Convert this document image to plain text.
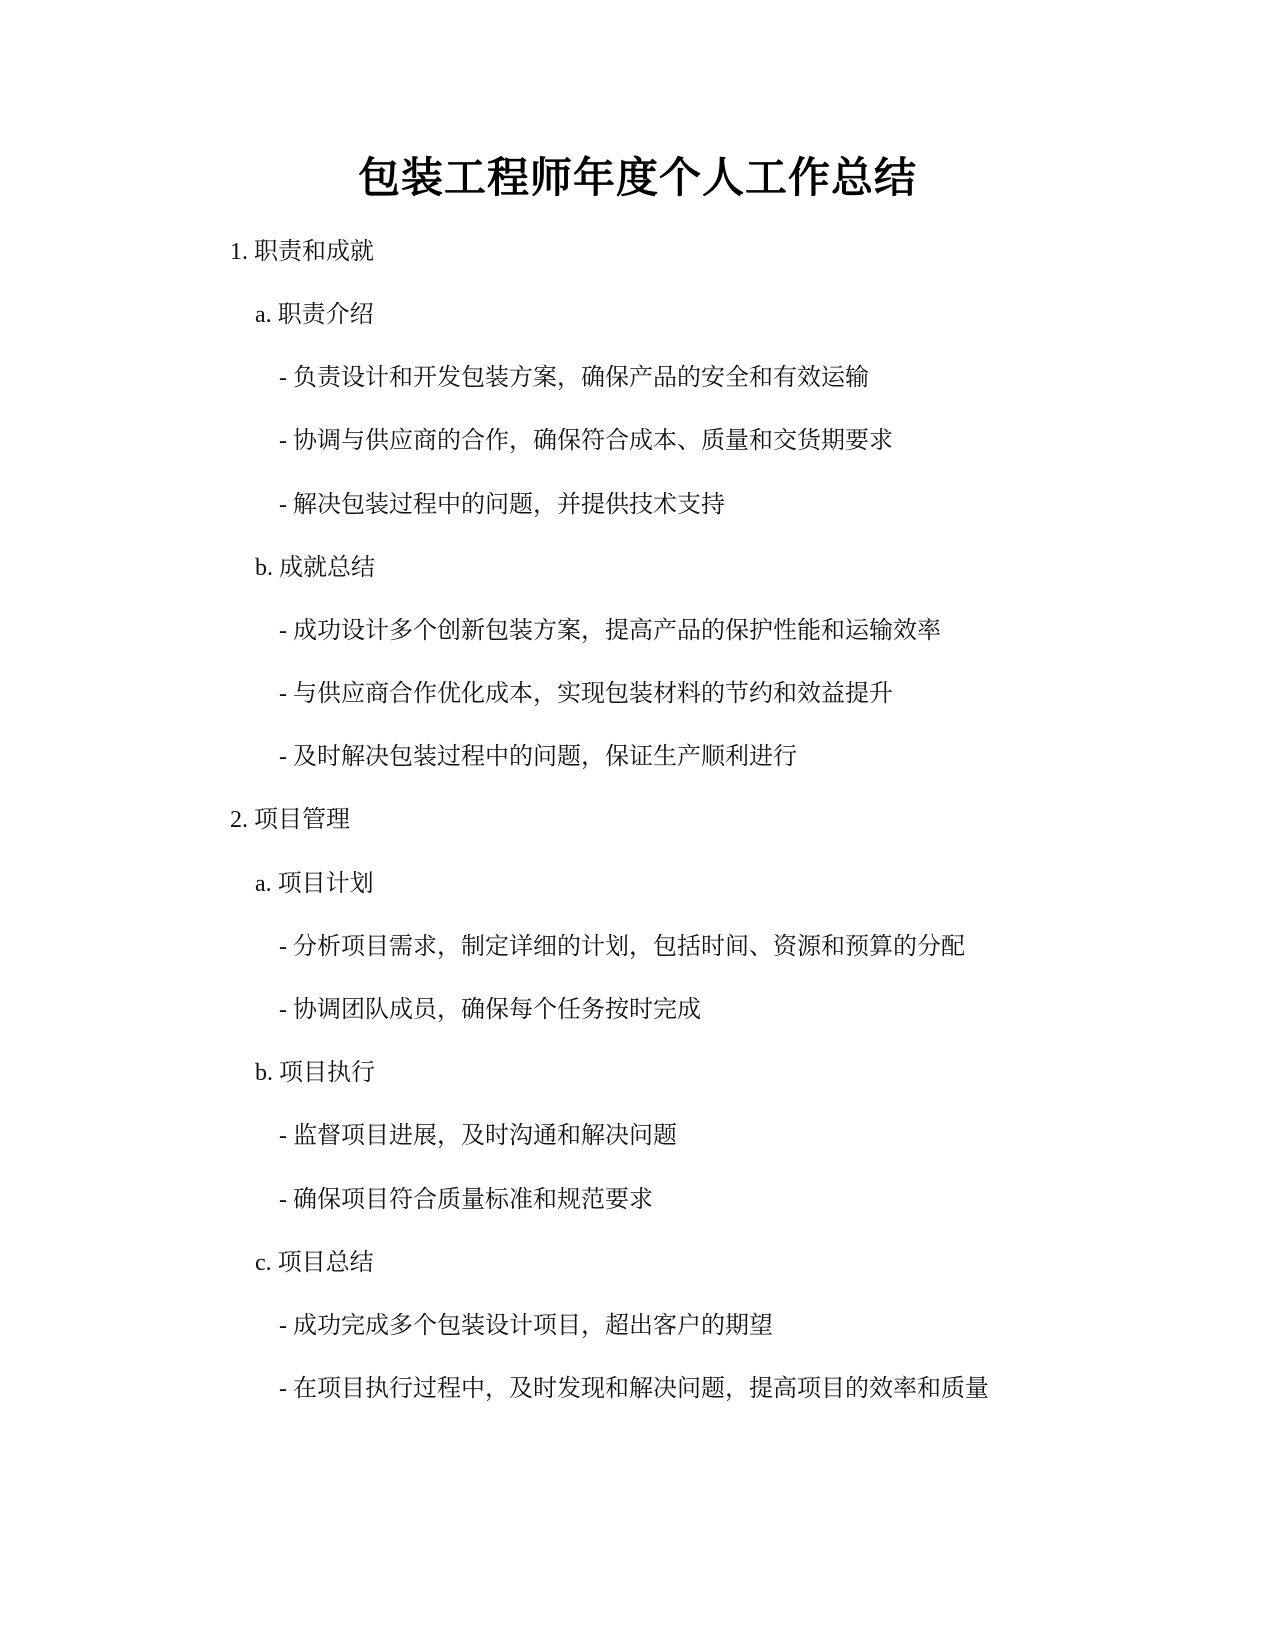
包装工程师年度个人工作总结
1. 职责和成就
a. 职责介绍
- 负责设计和开发包装方案，确保产品的安全和有效运输
- 协调与供应商的合作，确保符合成本、质量和交货期要求
- 解决包装过程中的问题，并提供技术支持
b. 成就总结
- 成功设计多个创新包装方案，提高产品的保护性能和运输效率
- 与供应商合作优化成本，实现包装材料的节约和效益提升
- 及时解决包装过程中的问题，保证生产顺利进行
2. 项目管理
a. 项目计划
- 分析项目需求，制定详细的计划，包括时间、资源和预算的分配
- 协调团队成员，确保每个任务按时完成
b. 项目执行
- 监督项目进展，及时沟通和解决问题
- 确保项目符合质量标准和规范要求
c. 项目总结
- 成功完成多个包装设计项目，超出客户的期望
- 在项目执行过程中，及时发现和解决问题，提高项目的效率和质量
